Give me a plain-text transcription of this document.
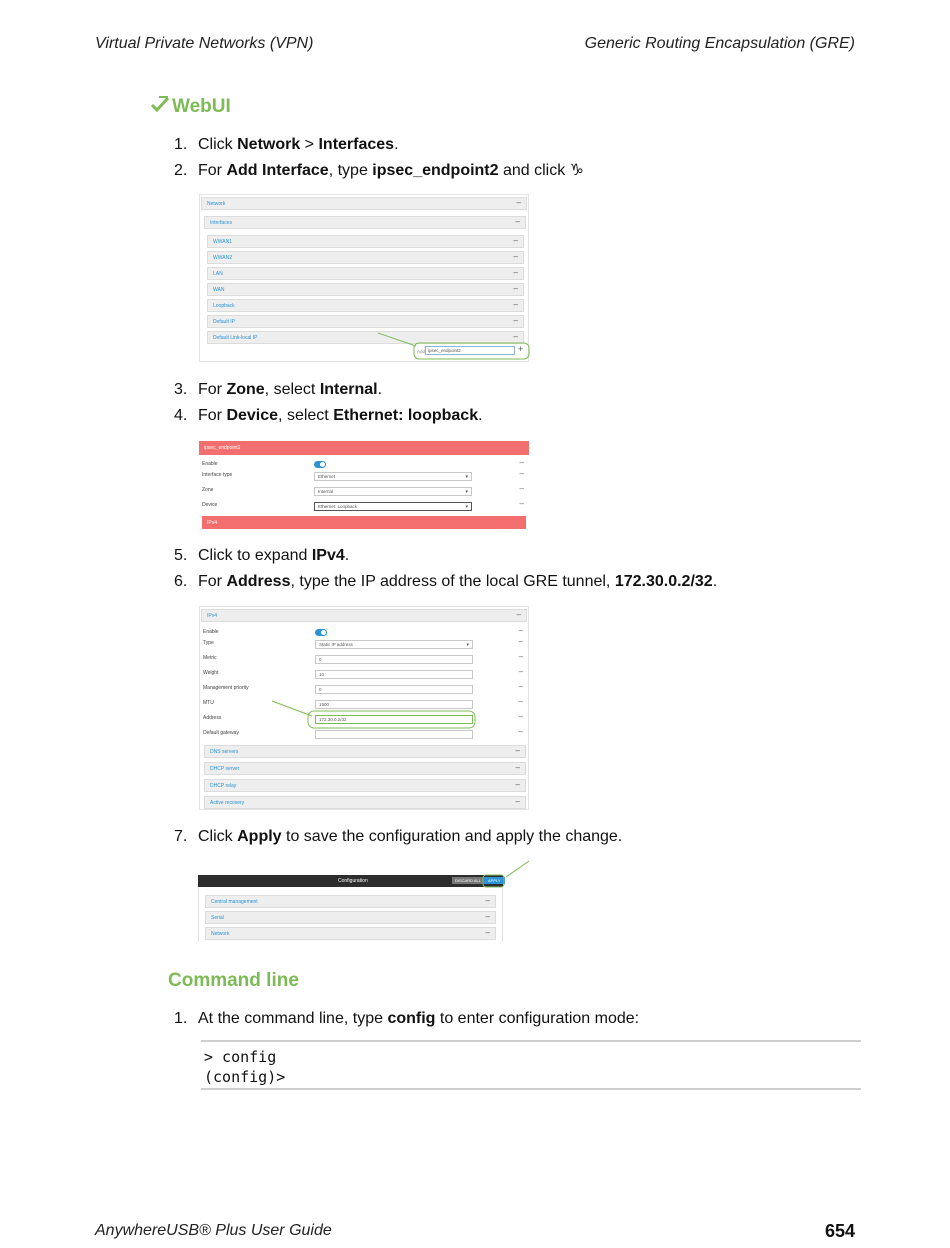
Virtual Private Networks (VPN)	Generic Routing Encapsulation (GRE)
WebUI
1. Click Network > Interfaces.
2. For Add Interface, type ipsec_endpoint2 and click ♑
Network	–
Interfaces	–
WWAN1	–
WWAN2	–
LAN	–
WAN	–
Loopback	–
Default IP	–
Default Link-local IP	–
Add ipsec_endpoint2	+
3. For Zone, select Internal.
4. For Device, select Ethernet: loopback.
ipsec_endpoint2
Enable	–
Interface type	Ethernet	▾	–
Zone	Internal	▾	–
Device	Ethernet: Loopback	▾	–
IPv4
5. Click to expand IPv4.
6. For Address, type the IP address of the local GRE tunnel, 172.30.0.2/32.
IPv4	–
Enable	–
Type	Static IP address	▾	–
Metric	0	–
Weight	10	–
Management priority	0	–
MTU	1500	–
Address	172.30.0.2/32	–
Default gateway	–
DNS servers	–
DHCP server	–
DHCP relay	–
Active recovery	–
7. Click Apply to save the configuration and apply the change.
Configuration	DISCARD ALL	APPLY
Central management	–
Serial	–
Network	–
Command line
1. At the command line, type config to enter configuration mode:
> config
(config)>
AnywhereUSB® Plus User Guide	654
